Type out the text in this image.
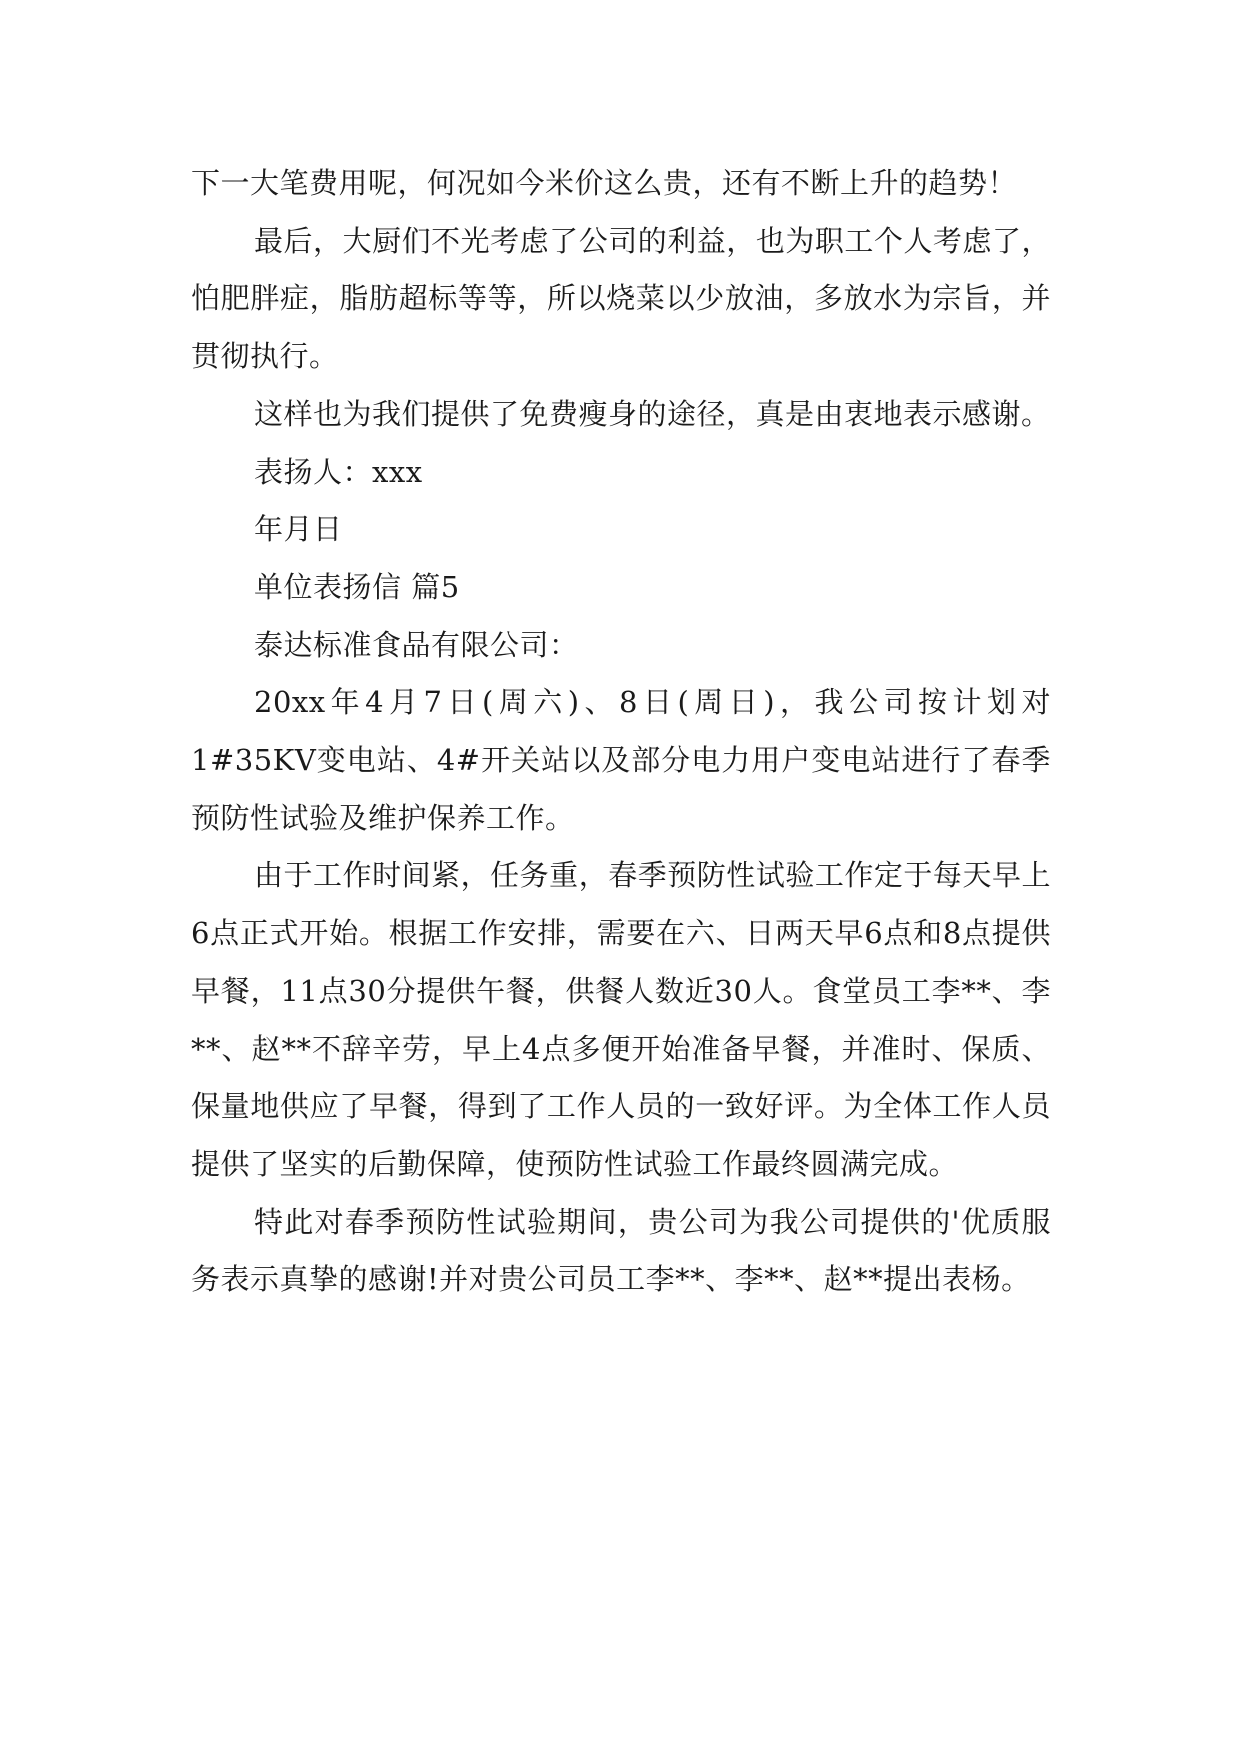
下一大笔费用呢，何况如今米价这么贵，还有不断上升的趋势！

最后，大厨们不光考虑了公司的利益，也为职工个人考虑了，怕肥胖症，脂肪超标等等，所以烧菜以少放油，多放水为宗旨，并贯彻执行。

这样也为我们提供了免费瘦身的途径，真是由衷地表示感谢。

表扬人：xxx

年月日

单位表扬信 篇5

泰达标准食品有限公司：

20xx年4月7日(周六)、8日(周日)，我公司按计划对1#35KV变电站、4#开关站以及部分电力用户变电站进行了春季预防性试验及维护保养工作。

由于工作时间紧，任务重，春季预防性试验工作定于每天早上6点正式开始。根据工作安排，需要在六、日两天早6点和8点提供早餐，11点30分提供午餐，供餐人数近30人。食堂员工李**、李**、赵**不辞辛劳，早上4点多便开始准备早餐，并准时、保质、保量地供应了早餐，得到了工作人员的一致好评。为全体工作人员提供了坚实的后勤保障，使预防性试验工作最终圆满完成。

特此对春季预防性试验期间，贵公司为我公司提供的'优质服务表示真挚的感谢!并对贵公司员工李**、李**、赵**提出表杨。
